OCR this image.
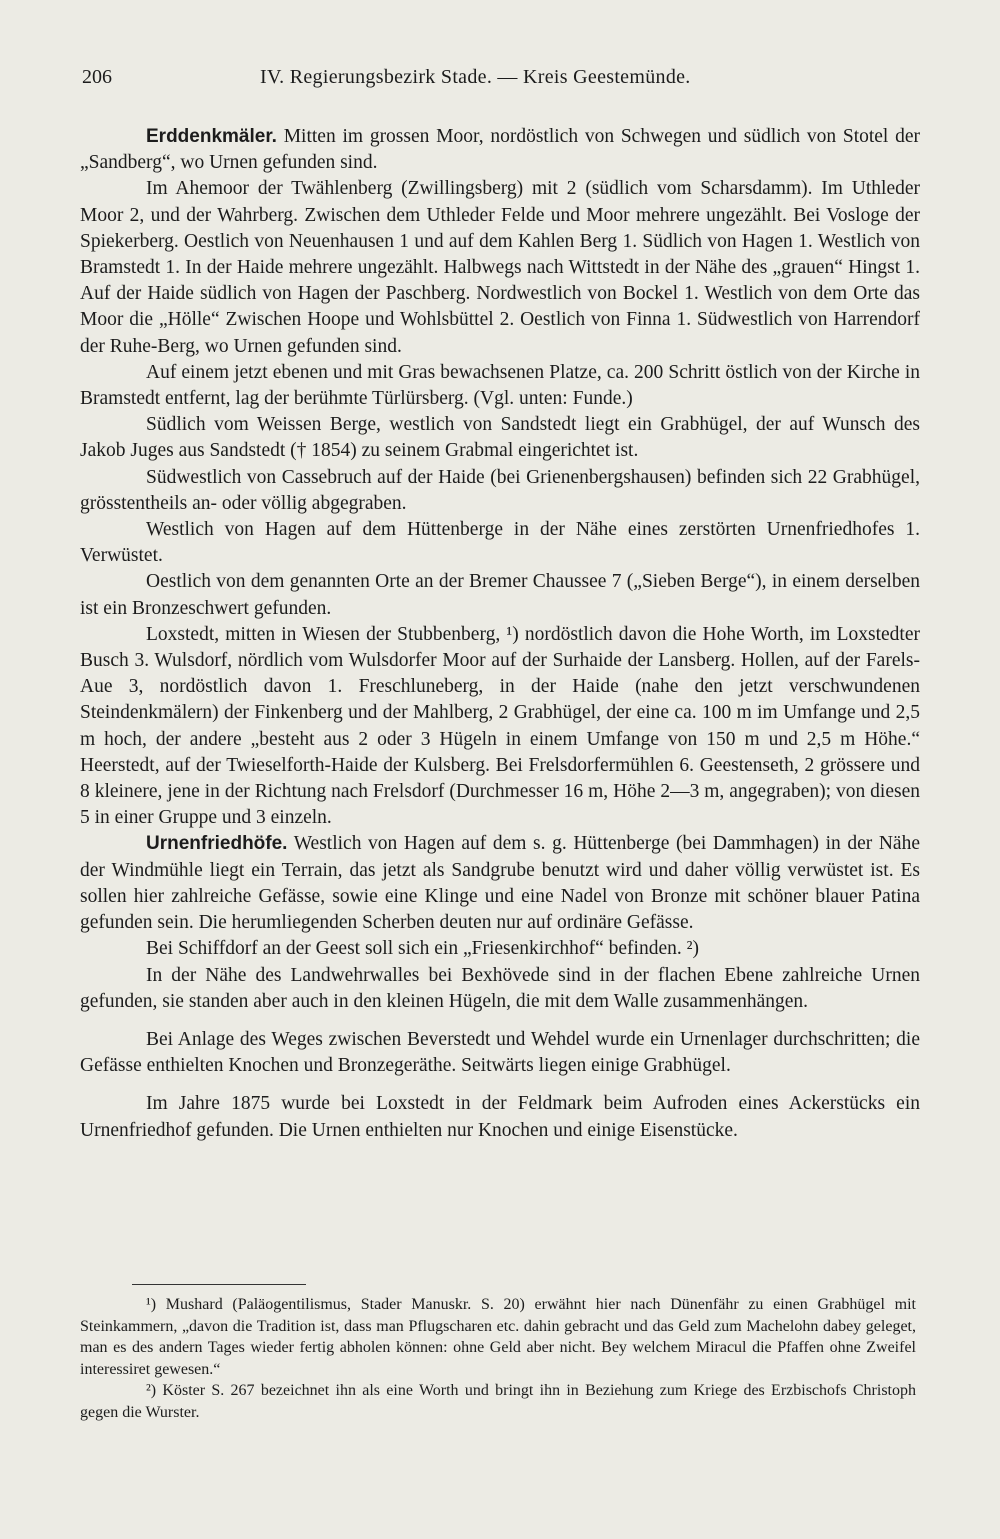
206	IV. Regierungsbezirk Stade. — Kreis Geestemünde.

Erddenkmäler. Mitten im grossen Moor, nordöstlich von Schwegen und südlich von Stotel der „Sandberg“, wo Urnen gefunden sind.

Im Ahemoor der Twählenberg (Zwillingsberg) mit 2 (südlich vom Scharsdamm). Im Uthleder Moor 2, und der Wahrberg. Zwischen dem Uthleder Felde und Moor mehrere ungezählt. Bei Vosloge der Spiekerberg. Oestlich von Neuenhausen 1 und auf dem Kahlen Berg 1. Südlich von Hagen 1. Westlich von Bramstedt 1. In der Haide mehrere ungezählt. Halbwegs nach Wittstedt in der Nähe des „grauen“ Hingst 1. Auf der Haide südlich von Hagen der Paschberg. Nordwestlich von Bockel 1. Westlich von dem Orte das Moor die „Hölle“ Zwischen Hoope und Wohlsbüttel 2. Oestlich von Finna 1. Südwestlich von Harrendorf der Ruhe-Berg, wo Urnen gefunden sind.

Auf einem jetzt ebenen und mit Gras bewachsenen Platze, ca. 200 Schritt östlich von der Kirche in Bramstedt entfernt, lag der berühmte Türlürsberg. (Vgl. unten: Funde.)

Südlich vom Weissen Berge, westlich von Sandstedt liegt ein Grabhügel, der auf Wunsch des Jakob Juges aus Sandstedt († 1854) zu seinem Grabmal eingerichtet ist.

Südwestlich von Cassebruch auf der Haide (bei Grienenbergshausen) befinden sich 22 Grabhügel, grösstentheils an- oder völlig abgegraben.

Westlich von Hagen auf dem Hüttenberge in der Nähe eines zerstörten Urnenfriedhofes 1. Verwüstet.

Oestlich von dem genannten Orte an der Bremer Chaussee 7 („Sieben Berge“), in einem derselben ist ein Bronzeschwert gefunden.

Loxstedt, mitten in Wiesen der Stubbenberg, ¹) nordöstlich davon die Hohe Worth, im Loxstedter Busch 3. Wulsdorf, nördlich vom Wulsdorfer Moor auf der Surhaide der Lansberg. Hollen, auf der Farels-Aue 3, nordöstlich davon 1. Freschluneberg, in der Haide (nahe den jetzt verschwundenen Steindenkmälern) der Finkenberg und der Mahlberg, 2 Grabhügel, der eine ca. 100 m im Umfange und 2,5 m hoch, der andere „besteht aus 2 oder 3 Hügeln in einem Umfange von 150 m und 2,5 m Höhe.“ Heerstedt, auf der Twieselforth-Haide der Kulsberg. Bei Frelsdorfermühlen 6. Geestenseth, 2 grössere und 8 kleinere, jene in der Richtung nach Frelsdorf (Durchmesser 16 m, Höhe 2—3 m, angegraben); von diesen 5 in einer Gruppe und 3 einzeln.

Urnenfriedhöfe. Westlich von Hagen auf dem s. g. Hüttenberge (bei Dammhagen) in der Nähe der Windmühle liegt ein Terrain, das jetzt als Sandgrube benutzt wird und daher völlig verwüstet ist. Es sollen hier zahlreiche Gefässe, sowie eine Klinge und eine Nadel von Bronze mit schöner blauer Patina gefunden sein. Die herumliegenden Scherben deuten nur auf ordinäre Gefässe.

Bei Schiffdorf an der Geest soll sich ein „Friesenkirchhof“ befinden. ²)

In der Nähe des Landwehrwalles bei Bexhövede sind in der flachen Ebene zahlreiche Urnen gefunden, sie standen aber auch in den kleinen Hügeln, die mit dem Walle zusammenhängen.

Bei Anlage des Weges zwischen Beverstedt und Wehdel wurde ein Urnenlager durchschritten; die Gefässe enthielten Knochen und Bronzegeräthe. Seitwärts liegen einige Grabhügel.

Im Jahre 1875 wurde bei Loxstedt in der Feldmark beim Aufroden eines Ackerstücks ein Urnenfriedhof gefunden. Die Urnen enthielten nur Knochen und einige Eisenstücke.

¹) Mushard (Paläogentilismus, Stader Manuskr. S. 20) erwähnt hier nach Dünenfähr zu einen Grabhügel mit Steinkammern, „davon die Tradition ist, dass man Pflugscharen etc. dahin gebracht und das Geld zum Machelohn dabey geleget, man es des andern Tages wieder fertig abholen können: ohne Geld aber nicht. Bey welchem Miracul die Pfaffen ohne Zweifel interessiret gewesen.“

²) Köster S. 267 bezeichnet ihn als eine Worth und bringt ihn in Beziehung zum Kriege des Erzbischofs Christoph gegen die Wurster.
